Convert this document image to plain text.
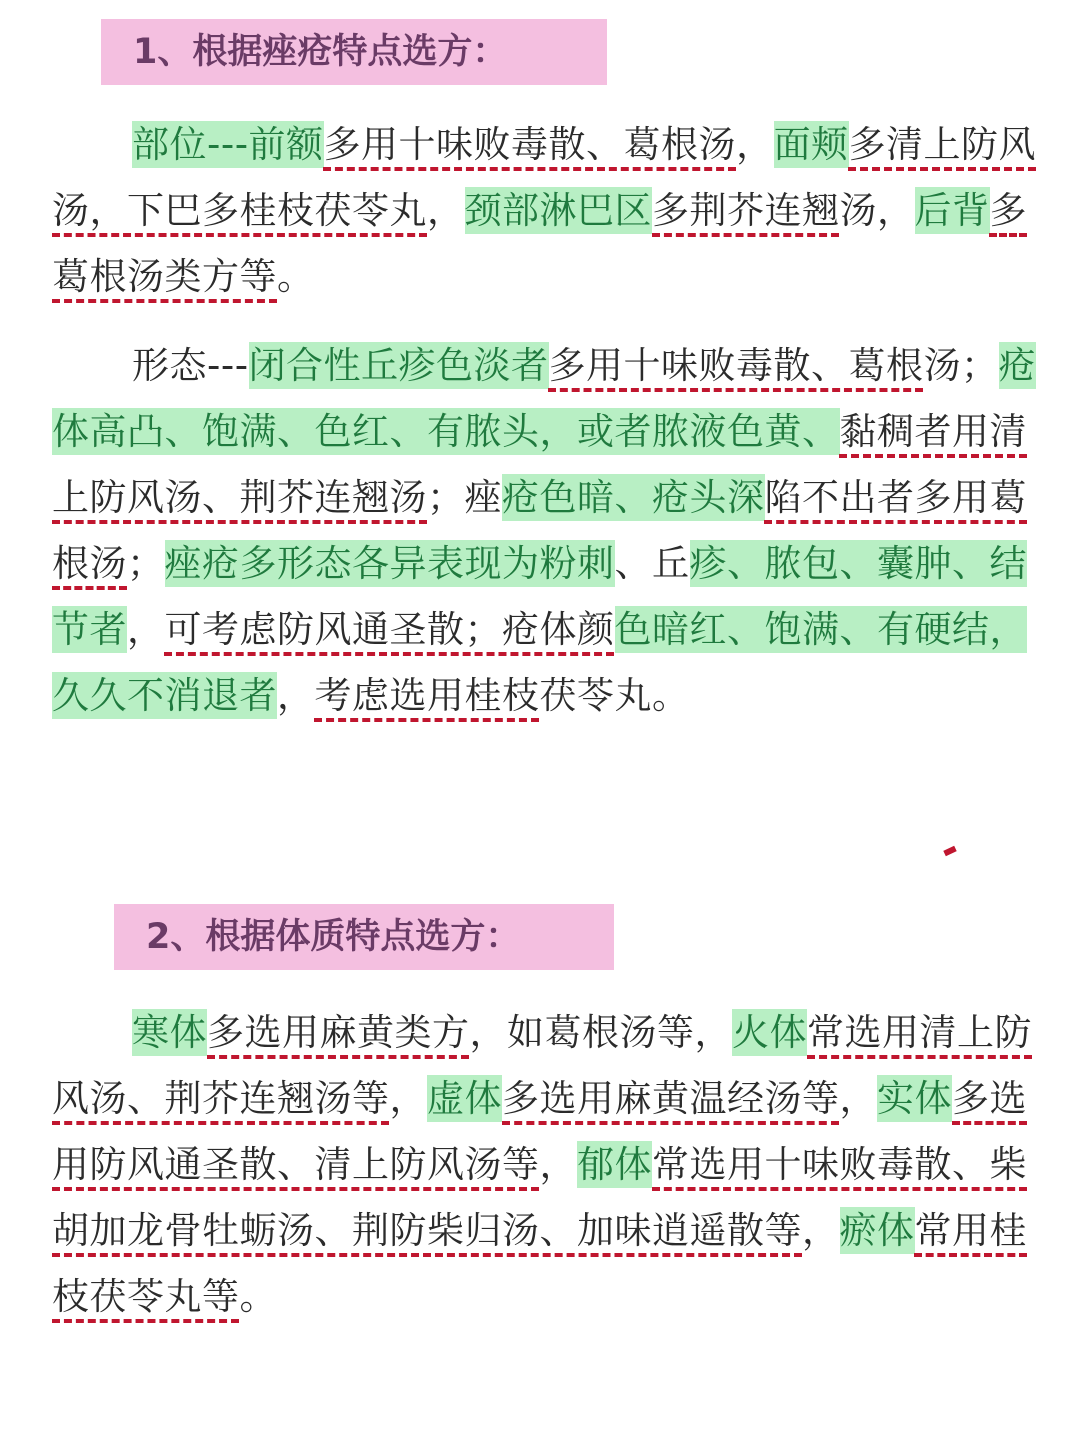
1、根据痤疮特点选方：

部位---前额多用十味败毒散、葛根汤，面颊多清上防风汤，下巴多桂枝茯苓丸，颈部淋巴区多荆芥连翘汤，后背多葛根汤类方等。

形态---闭合性丘疹色淡者多用十味败毒散、葛根汤；疮体高凸、饱满、色红、有脓头，或者脓液色黄、黏稠者用清上防风汤、荆芥连翘汤；痤疮色暗、疮头深陷不出者多用葛根汤；痤疮多形态各异表现为粉刺、丘疹、脓包、囊肿、结节者，可考虑防风通圣散；疮体颜色暗红、饱满、有硬结，久久不消退者，考虑选用桂枝茯苓丸。

2、根据体质特点选方：

寒体多选用麻黄类方，如葛根汤等，火体常选用清上防风汤、荆芥连翘汤等，虚体多选用麻黄温经汤等，实体多选用防风通圣散、清上防风汤等，郁体常选用十味败毒散、柴胡加龙骨牡蛎汤、荆防柴归汤、加味逍遥散等，瘀体常用桂枝茯苓丸等。
